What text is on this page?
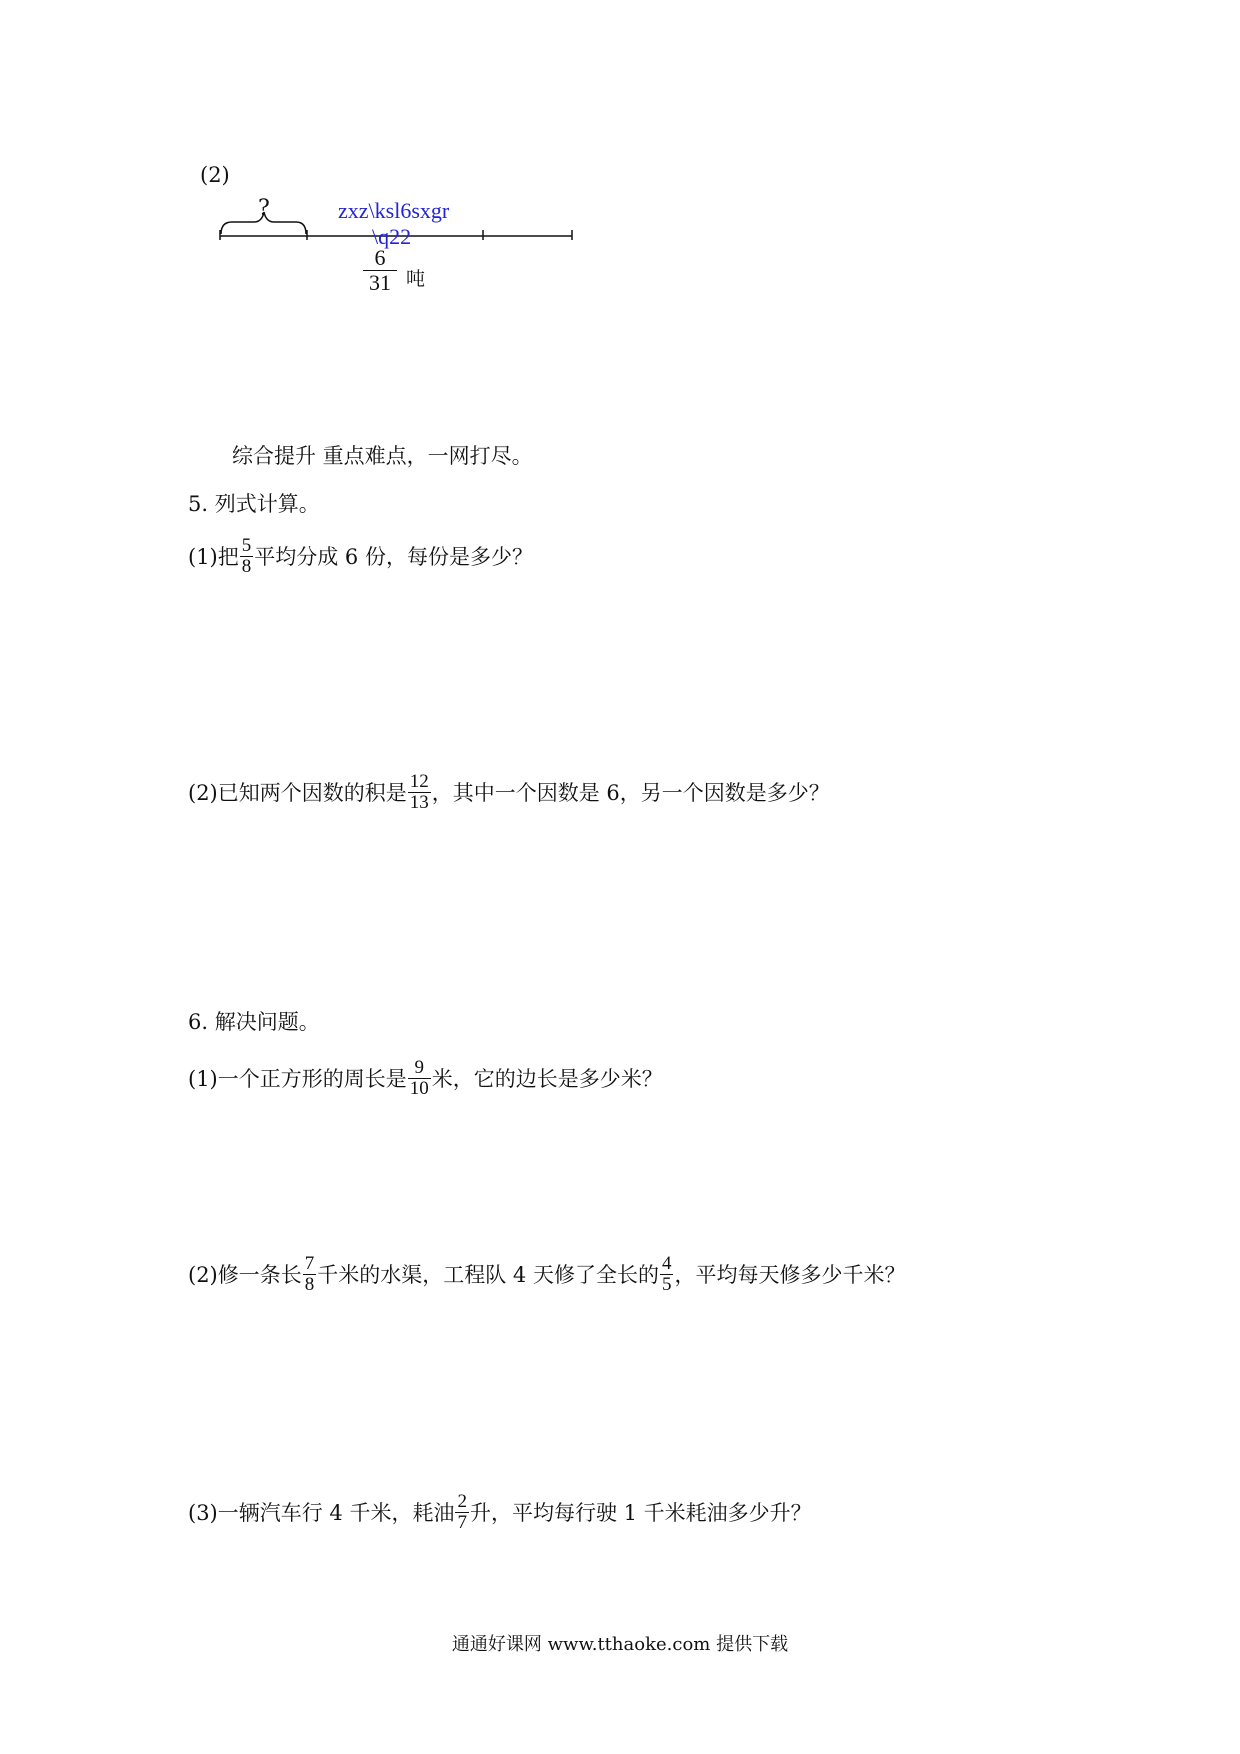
(2)
?	zxz\ksl6sxgr
\q22
$\frac{6}{31}$ 吨
综合提升 重点难点，一网打尽。
5. 列式计算。
(1)把 $\frac{5}{8}$ 平均分成 6 份，每份是多少？
(2)已知两个因数的积是 $\frac{12}{13}$ ，其中一个因数是 6，另一个因数是多少？
6. 解决问题。
(1)一个正方形的周长是 $\frac{9}{10}$ 米，它的边长是多少米？
(2)修一条长 $\frac{7}{8}$ 千米的水渠，工程队 4 天修了全长的 $\frac{4}{5}$ ，平均每天修多少千米？
(3)一辆汽车行 4 千米，耗油 $\frac{2}{7}$ 升，平均每行驶 1 千米耗油多少升？
通通好课网 www.tthaoke.com 提供下载
